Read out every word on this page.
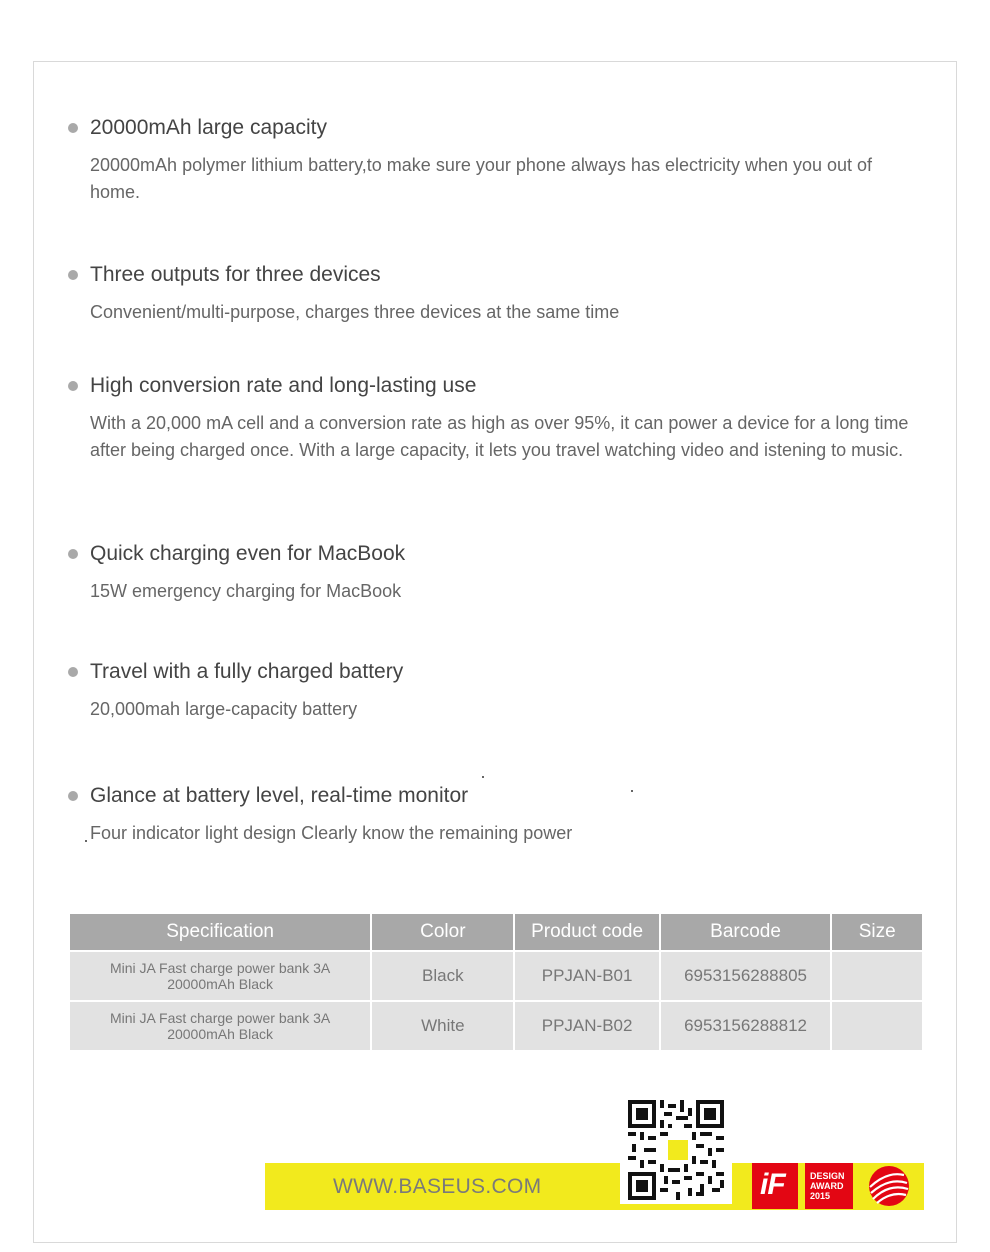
20000mAh large capacity
20000mAh polymer lithium battery,to make sure your phone always has electricity when you out of home.
Three outputs for three devices
Convenient/multi-purpose, charges three devices at the same time
High conversion rate and long-lasting use
With a 20,000 mA cell and a conversion rate as high as over 95%, it can power a device for a long time after being charged once. With a large capacity, it lets you travel watching video and istening to music.
Quick charging even for MacBook
15W emergency charging for MacBook
Travel with a fully charged battery
20,000mah large-capacity battery
Glance at battery level, real-time monitor
Four indicator light design Clearly know the remaining power
Specification	Color	Product code	Barcode	Size

Mini JA Fast charge power bank 3A
20000mAh Black	Black	PPJAN-B01	6953156288805	

Mini JA Fast charge power bank 3A
20000mAh Black	White	PPJAN-B02	6953156288812	
WWW.BASEUS.COM	iF	DESIGN
AWARD
2015
